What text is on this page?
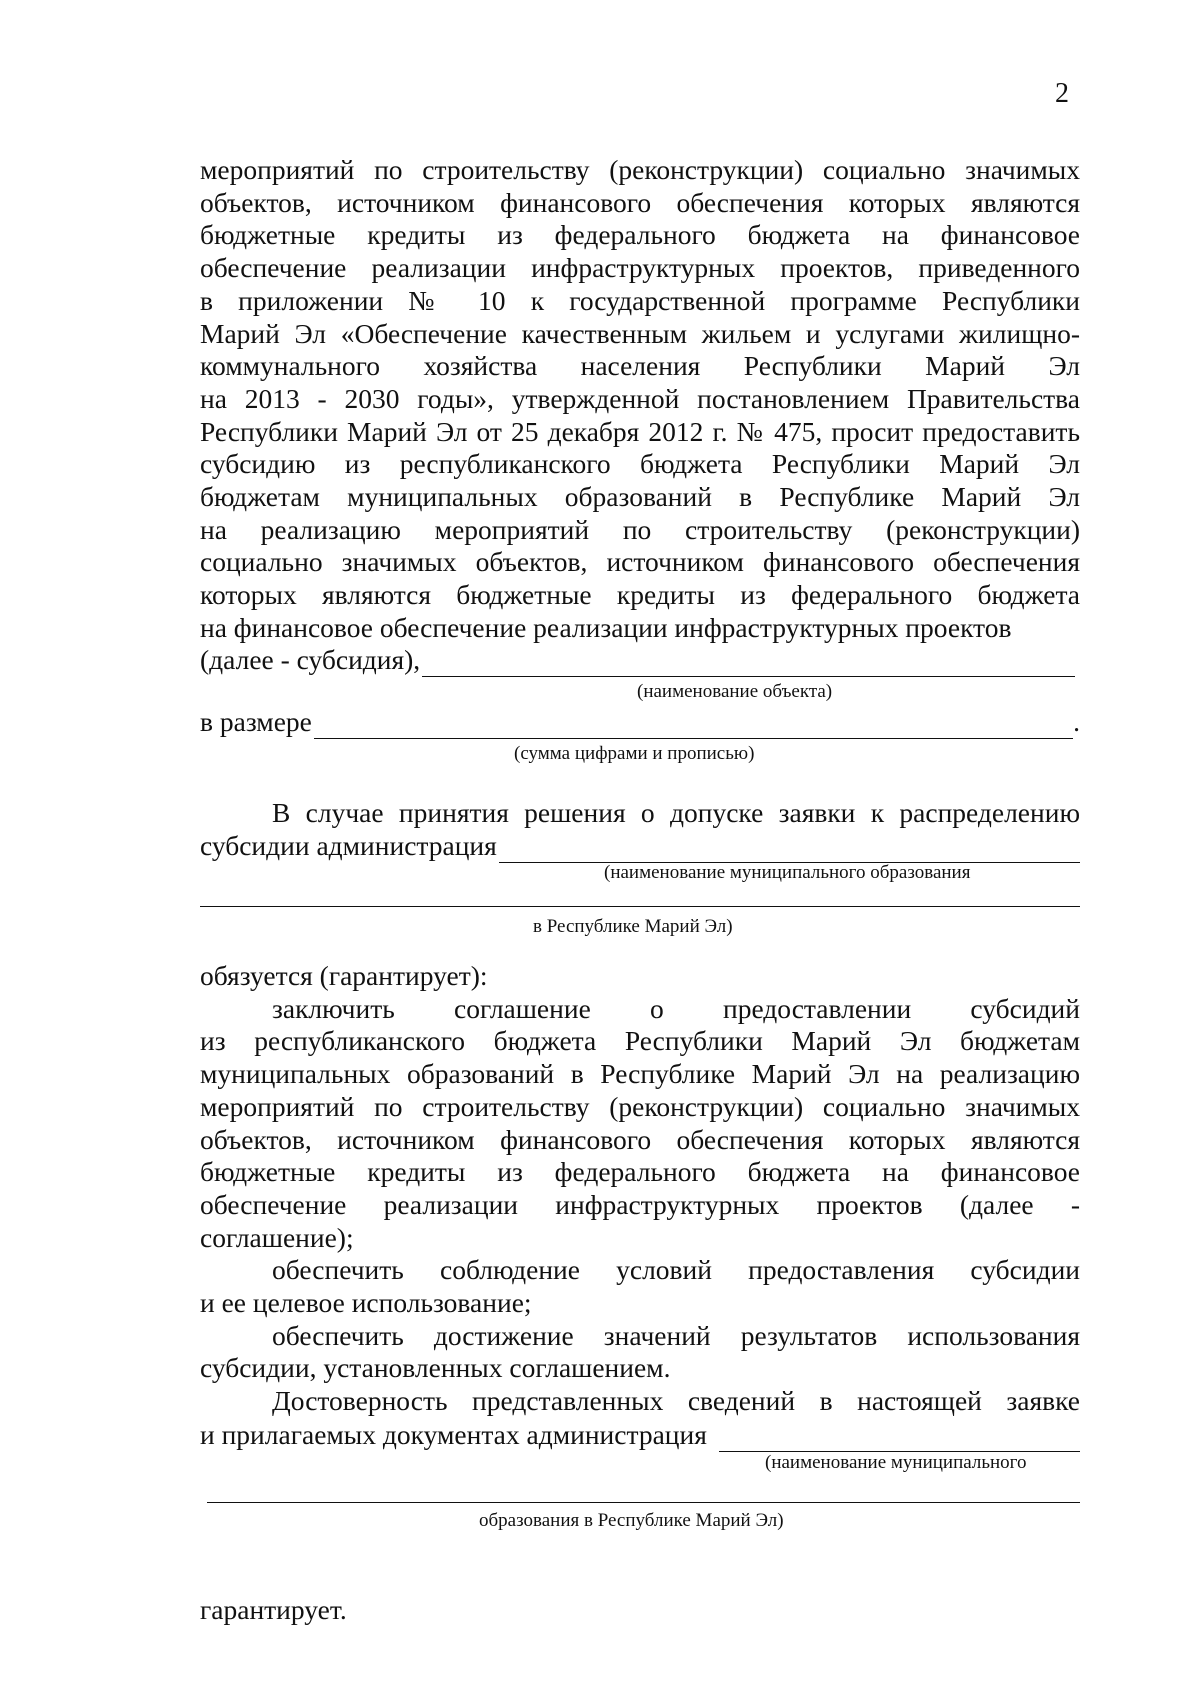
2
мероприятий по строительству (реконструкции) социально значимых
объектов, источником финансового обеспечения которых являются
бюджетные кредиты из федерального бюджета на финансовое
обеспечение реализации инфраструктурных проектов, приведенного
в приложении № 10 к государственной программе Республики
Марий Эл «Обеспечение качественным жильем и услугами жилищно-
коммунального хозяйства населения Республики Марий Эл
на 2013 - 2030 годы», утвержденной постановлением Правительства
Республики Марий Эл от 25 декабря 2012 г. № 475, просит предоставить
субсидию из республиканского бюджета Республики Марий Эл
бюджетам муниципальных образований в Республике Марий Эл
на реализацию мероприятий по строительству (реконструкции)
социально значимых объектов, источником финансового обеспечения
которых являются бюджетные кредиты из федерального бюджета
на финансовое обеспечение реализации инфраструктурных проектов
(далее - субсидия),
(наименование объекта)
в размере	.
(сумма цифрами и прописью)
В случае принятия решения о допуске заявки к распределению
субсидии администрация
(наименование муниципального образования
в Республике Марий Эл)
обязуется (гарантирует):
заключить соглашение о предоставлении субсидий
из республиканского бюджета Республики Марий Эл бюджетам
муниципальных образований в Республике Марий Эл на реализацию
мероприятий по строительству (реконструкции) социально значимых
объектов, источником финансового обеспечения которых являются
бюджетные кредиты из федерального бюджета на финансовое
обеспечение реализации инфраструктурных проектов (далее -
соглашение);
обеспечить соблюдение условий предоставления субсидии
и ее целевое использование;
обеспечить достижение значений результатов использования
субсидии, установленных соглашением.
Достоверность представленных сведений в настоящей заявке
и прилагаемых документах администрация
(наименование муниципального
образования в Республике Марий Эл)
гарантирует.
